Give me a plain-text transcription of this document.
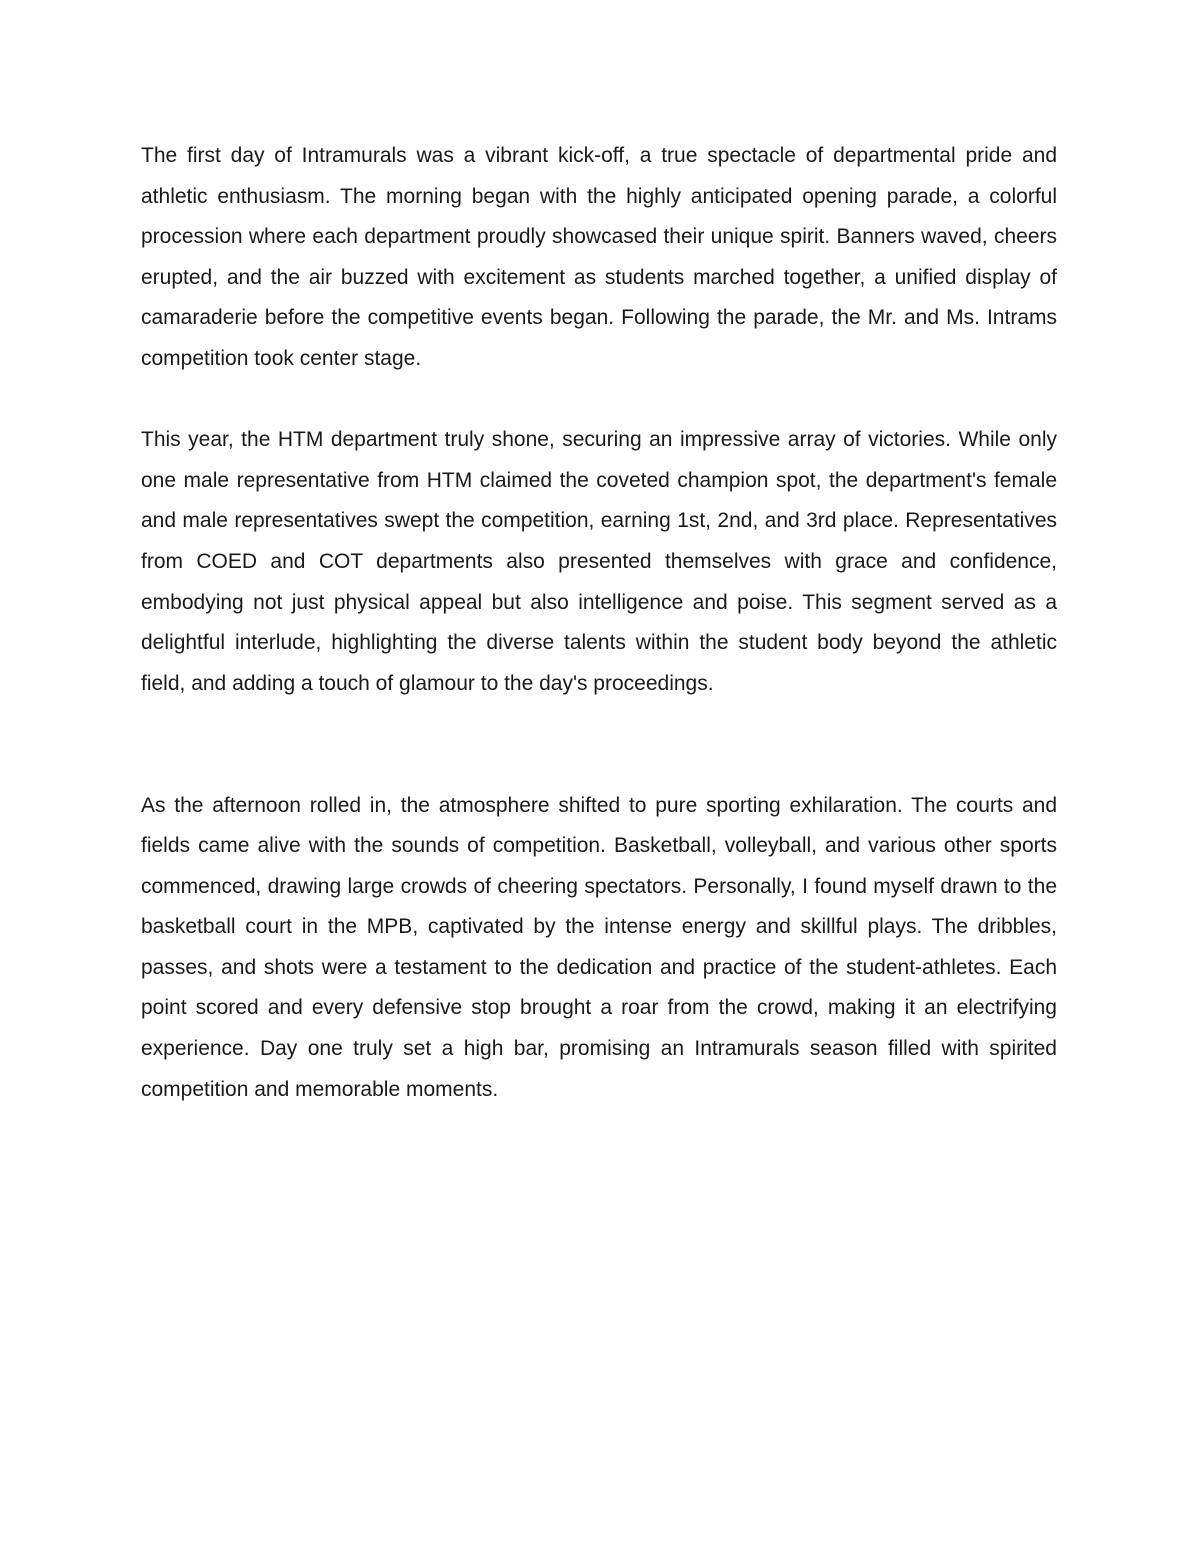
The first day of Intramurals was a vibrant kick-off, a true spectacle of departmental pride and athletic enthusiasm. The morning began with the highly anticipated opening parade, a colorful procession where each department proudly showcased their unique spirit. Banners waved, cheers erupted, and the air buzzed with excitement as students marched together, a unified display of camaraderie before the competitive events began. Following the parade, the Mr. and Ms. Intrams competition took center stage.

This year, the HTM department truly shone, securing an impressive array of victories. While only one male representative from HTM claimed the coveted champion spot, the department's female and male representatives swept the competition, earning 1st, 2nd, and 3rd place. Representatives from COED and COT departments also presented themselves with grace and confidence, embodying not just physical appeal but also intelligence and poise. This segment served as a delightful interlude, highlighting the diverse talents within the student body beyond the athletic field, and adding a touch of glamour to the day's proceedings.

As the afternoon rolled in, the atmosphere shifted to pure sporting exhilaration. The courts and fields came alive with the sounds of competition. Basketball, volleyball, and various other sports commenced, drawing large crowds of cheering spectators. Personally, I found myself drawn to the basketball court in the MPB, captivated by the intense energy and skillful plays. The dribbles, passes, and shots were a testament to the dedication and practice of the student-athletes. Each point scored and every defensive stop brought a roar from the crowd, making it an electrifying experience. Day one truly set a high bar, promising an Intramurals season filled with spirited competition and memorable moments.
